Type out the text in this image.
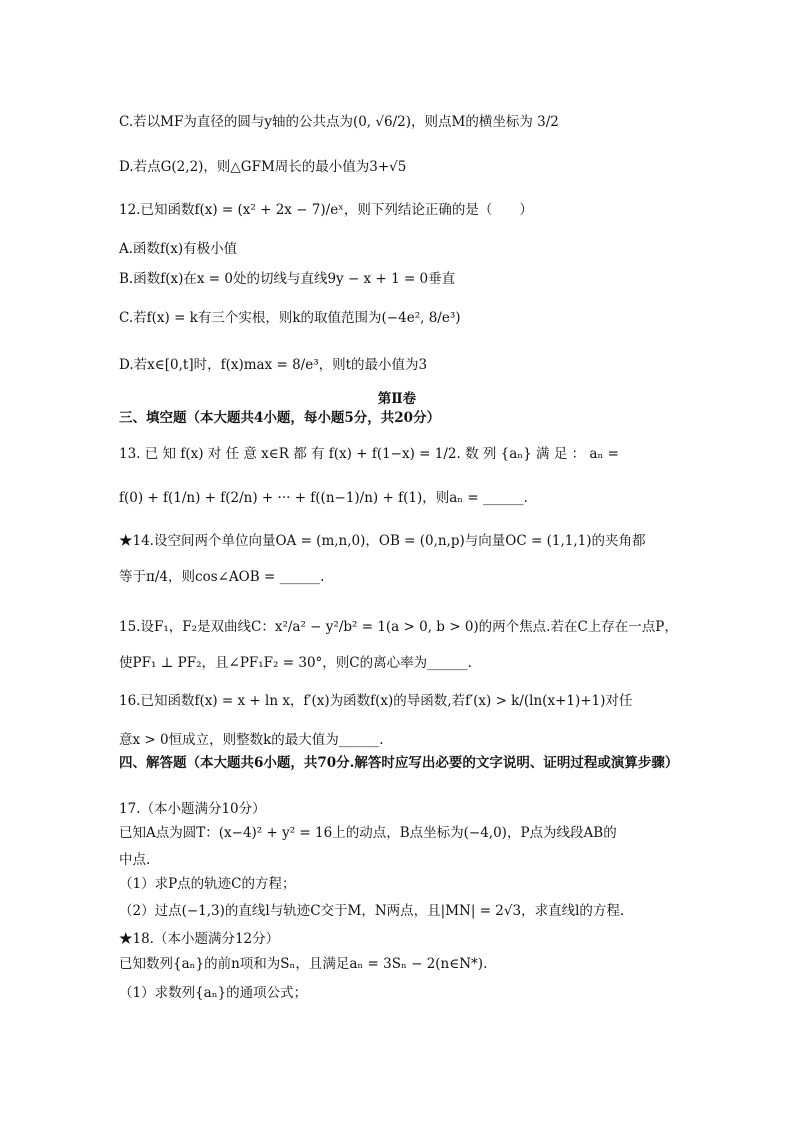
C.若以MF为直径的圆与y轴的公共点为(0, √6/2)，则点M的横坐标为 3/2
D.若点G(2,2)，则△GFM周长的最小值为3+√5
12.已知函数f(x) = (x² + 2x − 7)/eˣ，则下列结论正确的是（　　）
A.函数f(x)有极小值
B.函数f(x)在x = 0处的切线与直线9y − x + 1 = 0垂直
C.若f(x) = k有三个实根，则k的取值范围为(−4e², 8/e³)
D.若x∈[0,t]时，f(x)max = 8/e³，则t的最小值为3
第Ⅱ卷
三、填空题（本大题共4小题，每小题5分，共20分）
13. 已 知 f(x) 对 任 意 x∈R 都 有 f(x) + f(1−x) = 1/2. 数 列 {aₙ} 满 足 ： aₙ =
f(0) + f(1/n) + f(2/n) + ··· + f((n−1)/n) + f(1)，则aₙ = ______.
★14.设空间两个单位向量OA = (m,n,0)，OB = (0,n,p)与向量OC = (1,1,1)的夹角都
等于π/4，则cos∠AOB = ______.
15.设F₁，F₂是双曲线C：x²/a² − y²/b² = 1(a > 0, b > 0)的两个焦点.若在C上存在一点P，
使PF₁ ⊥ PF₂，且∠PF₁F₂ = 30°，则C的离心率为______.
16.已知函数f(x) = x + ln x，f′(x)为函数f(x)的导函数,若f′(x) > k/(ln(x+1)+1)对任
意x > 0恒成立，则整数k的最大值为______.
四、解答题（本大题共6小题，共70分.解答时应写出必要的文字说明、证明过程或演算步骤）
17.（本小题满分10分）
已知A点为圆T：(x−4)² + y² = 16上的动点，B点坐标为(−4,0)，P点为线段AB的
中点.
（1）求P点的轨迹C的方程；
（2）过点(−1,3)的直线l与轨迹C交于M，N两点，且|MN| = 2√3，求直线l的方程.
★18.（本小题满分12分）
已知数列{aₙ}的前n项和为Sₙ，且满足aₙ = 3Sₙ − 2(n∈N*).
（1）求数列{aₙ}的通项公式；
